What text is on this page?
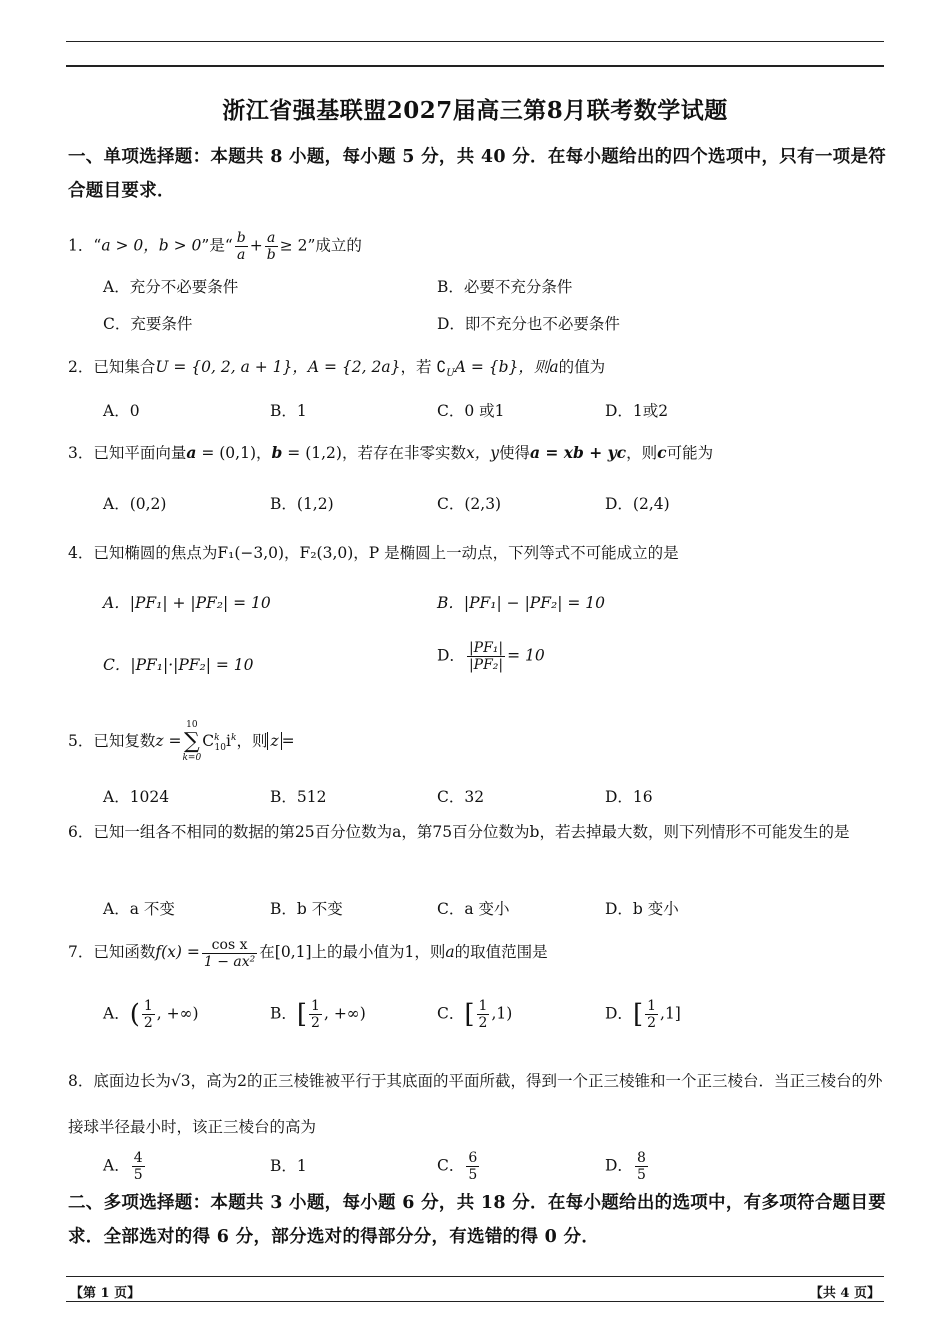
浙江省强基联盟2027届高三第8月联考数学试题
一、单项选择题：本题共 8 小题，每小题 5 分，共 40 分．在每小题给出的四个选项中，只有一项是符合题目要求．
1．“a > 0，b > 0”是“ $\frac{b}{a} + \frac{a}{b} \ge 2$”成立的
A．充分不必要条件	B．必要不充分条件
C．充要条件	D．即不充分也不必要条件
2．已知集合U = {0, 2, a + 1}，A = {2, 2a}，若 $∁_UA = \{b\}$，则a的值为
A．0	B．1	C．0 或1	D．1或2
3．已知平面向量a = (0,1)，b = (1,2)，若存在非零实数x，y使得a = xb + yc，则c可能为
A．(0,2)	B．(1,2)	C．(2,3)	D．(2,4)
4．已知椭圆的焦点为F₁(−3,0)，F₂(3,0)，P 是椭圆上一动点，下列等式不可能成立的是
A．|PF₁| + |PF₂| = 10	B．|PF₁| − |PF₂| = 10
C．|PF₁|·|PF₂| = 10
D． $\frac{\text{|PF₁|}}{\text{|PF₂|}} = 10$
5．已知复数z =
10
∑
k=0
$C^k_{10}i^k$，则 z =
A．1024	B．512	C．32	D．16
6．已知一组各不相同的数据的第25百分位数为a，第75百分位数为b，若去掉最大数，则下列情形不可能发生的是
A．a 不变	B．b 不变	C．a 变小	D．b 变小
7．已知函数$f(x) = \frac{\text{cos x}}{\text{1 − ax²}}$ 在[0,1]上的最小值为1，则a的取值范围是
A．( $\frac{1}{2}$ , +∞)	B．[ $\frac{1}{2}$ , +∞)	C．[ $\frac{1}{2} ,1$)	D．[ $\frac{1}{2} ,1$]
8．底面边长为√3，高为2的正三棱锥被平行于其底面的平面所截，得到一个正三棱锥和一个正三棱台．当正三棱台的外接球半径最小时，该正三棱台的高为
A． $\frac{4}{5}$	B．1	C． $\frac{6}{5}$	D． $\frac{8}{5}$
二、多项选择题：本题共 3 小题，每小题 6 分，共 18 分．在每小题给出的选项中，有多项符合题目要求．全部选对的得 6 分，部分选对的得部分分，有选错的得 0 分．
【第 1 页】	【共 4 页】
